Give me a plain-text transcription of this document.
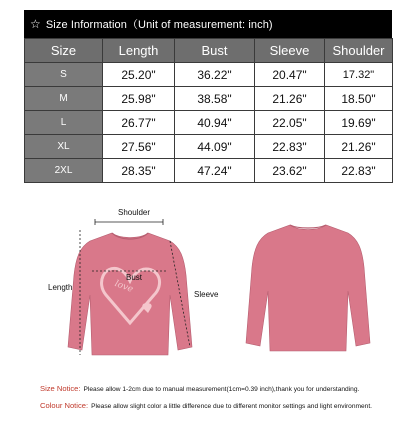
☆ Size Information（Unit of measurement: inch)
Size	Length	Bust	Sleeve	Shoulder
S	25.20"	36.22"	20.47"	17.32"
M	25.98"	38.58"	21.26"	18.50"
L	26.77"	40.94"	22.05"	19.69"
XL	27.56"	44.09"	22.83"	21.26"
2XL	28.35"	47.24"	23.62"	22.83"
love
Shoulder
Bust
Length
Sleeve
Size Notice: Please allow 1-2cm due to manual measurement(1cm=0.39 inch),thank you for understanding.
Colour Notice: Please allow slight color a little difference due to different monitor settings and light environment.
